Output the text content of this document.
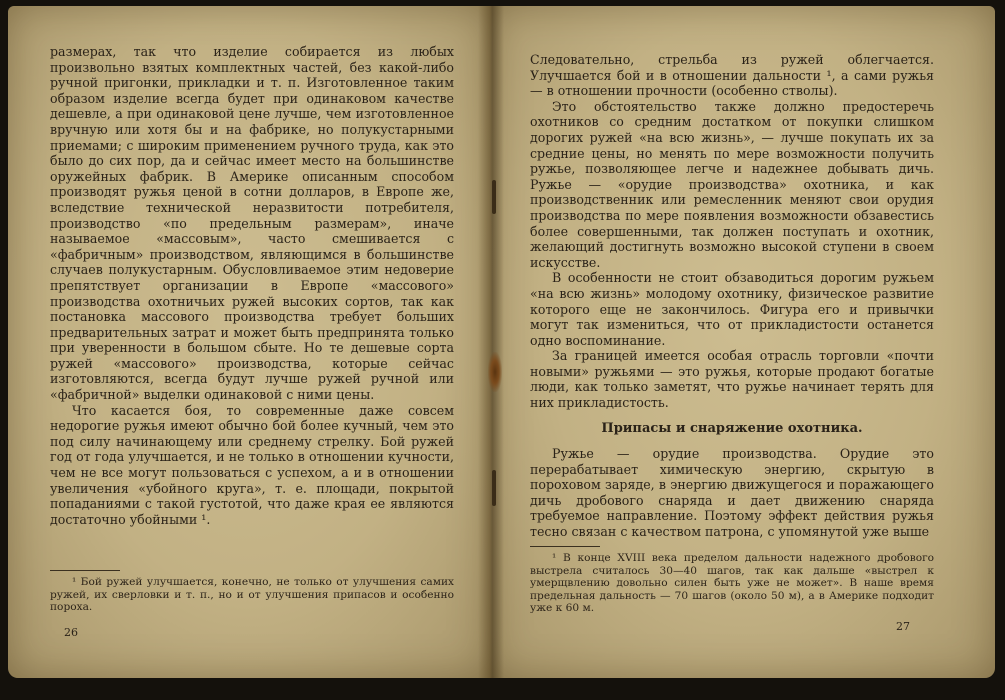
размерах, так что изделие собирается из любых произвольно взятых комплектных частей, без какой-либо ручной пригонки, прикладки и т. п. Изготовленное таким образом изделие всегда будет при одинаковом качестве дешевле, а при одинаковой цене лучше, чем изготовленное вручную или хотя бы и на фабрике, но полукустарными приемами; с широким применением ручного труда, как это было до сих пор, да и сейчас имеет место на большинстве оружейных фабрик. В Америке описанным способом производят ружья ценой в сотни долларов, в Европе же, вследствие технической неразвитости потребителя, производство «по предельным размерам», иначе называемое «массовым», часто смешивается с «фабричным» производством, являющимся в большинстве случаев полукустарным. Обусловливаемое этим недоверие препятствует организации в Европе «массового» производства охотничьих ружей высоких сортов, так как постановка массового производства требует больших предварительных затрат и может быть предпринята только при уверенности в большом сбыте. Но те дешевые сорта ружей «массового» производства, которые сейчас изготовляются, всегда будут лучше ружей ручной или «фабричной» выделки одинаковой с ними цены.

Что касается боя, то современные даже совсем недорогие ружья имеют обычно бой более кучный, чем это под силу начинающему или среднему стрелку. Бой ружей год от года улучшается, и не только в отношении кучности, чем не все могут пользоваться с успехом, а и в отношении увеличения «убойного круга», т. е. площади, покрытой попаданиями с такой густотой, что даже края ее являются достаточно убойными ¹.

¹ Бой ружей улучшается, конечно, не только от улучшения самих ружей, их сверловки и т. п., но и от улучшения припасов и особенно пороха.

26

Следовательно, стрельба из ружей облегчается. Улучшается бой и в отношении дальности ¹, а сами ружья — в отношении прочности (особенно стволы).

Это обстоятельство также должно предостеречь охотников со средним достатком от покупки слишком дорогих ружей «на всю жизнь», — лучше покупать их за средние цены, но менять по мере возможности получить ружье, позволяющее легче и надежнее добывать дичь. Ружье — «орудие производства» охотника, и как производственник или ремесленник меняют свои орудия производства по мере появления возможности обзавестись более совершенными, так должен поступать и охотник, желающий достигнуть возможно высокой ступени в своем искусстве.

В особенности не стоит обзаводиться дорогим ружьем «на всю жизнь» молодому охотнику, физическое развитие которого еще не закончилось. Фигура его и привычки могут так измениться, что от прикладистости останется одно воспоминание.

За границей имеется особая отрасль торговли «почти новыми» ружьями — это ружья, которые продают богатые люди, как только заметят, что ружье начинает терять для них прикладистость.

Припасы и снаряжение охотника.

Ружье — орудие производства. Орудие это перерабатывает химическую энергию, скрытую в пороховом заряде, в энергию движущегося и поражающего дичь дробового снаряда и дает движению снаряда требуемое направление. Поэтому эффект действия ружья тесно связан с качеством патрона, с упомянутой уже выше

¹ В конце XVIII века пределом дальности надежного дробового выстрела считалось 30—40 шагов, так как дальше «выстрел к умерщвлению довольно силен быть уже не может». В наше время предельная дальность — 70 шагов (около 50 м), а в Америке подходит уже к 60 м.

27
